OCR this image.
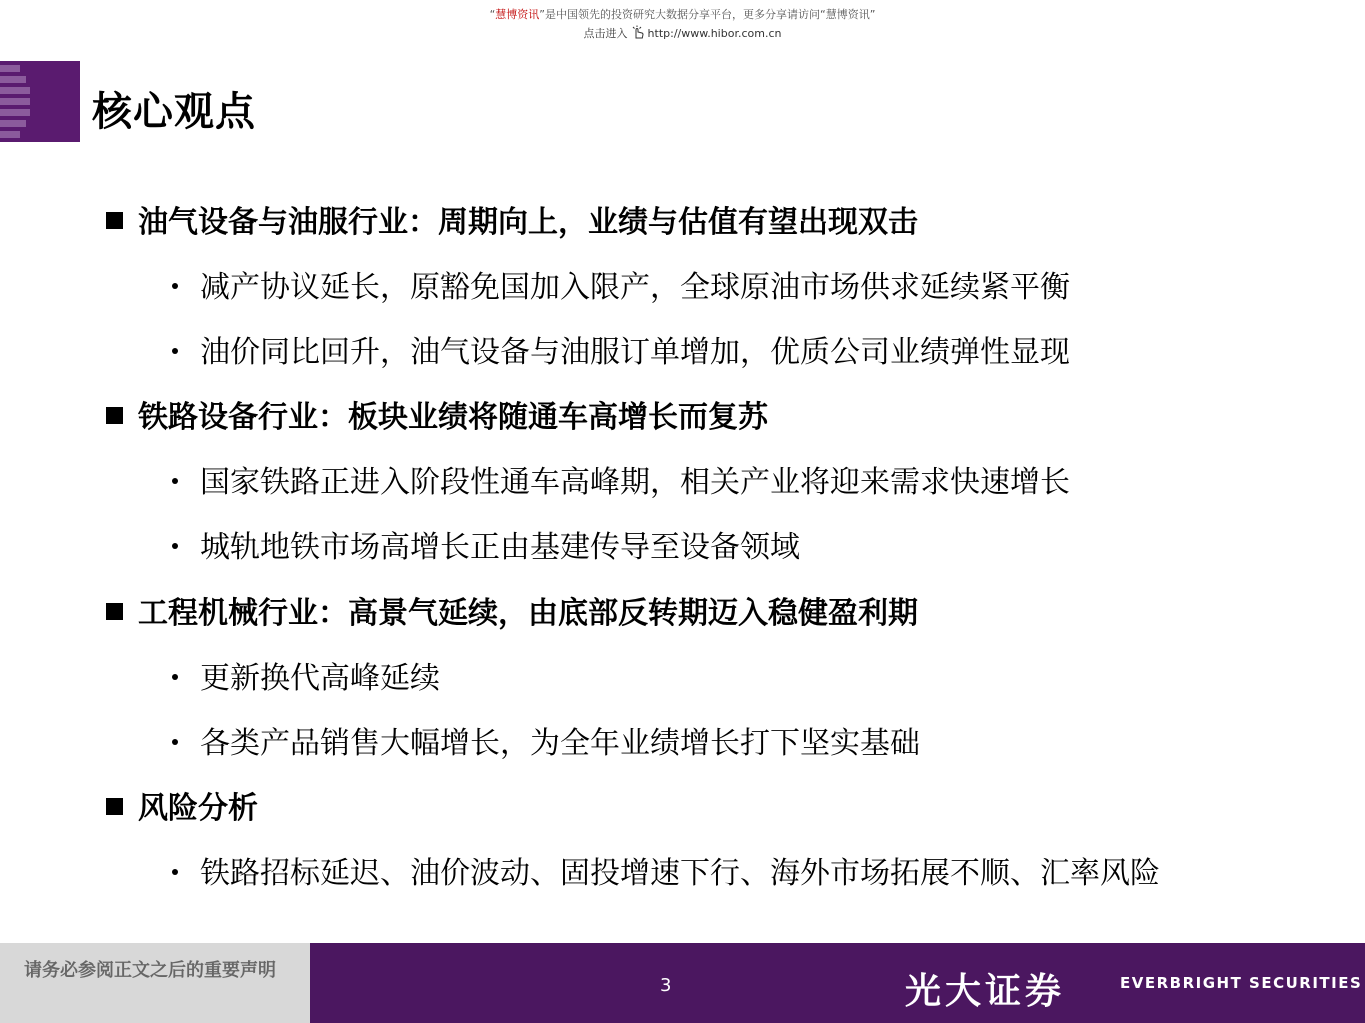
“慧博资讯”是中国领先的投资研究大数据分享平台，更多分享请访问“慧博资讯”
点击进入 http://www.hibor.com.cn
核心观点
油气设备与油服行业：周期向上，业绩与估值有望出现双击
减产协议延长，原豁免国加入限产，全球原油市场供求延续紧平衡
油价同比回升，油气设备与油服订单增加，优质公司业绩弹性显现
铁路设备行业：板块业绩将随通车高增长而复苏
国家铁路正进入阶段性通车高峰期，相关产业将迎来需求快速增长
城轨地铁市场高增长正由基建传导至设备领域
工程机械行业：高景气延续，由底部反转期迈入稳健盈利期
更新换代高峰延续
各类产品销售大幅增长，为全年业绩增长打下坚实基础
风险分析
铁路招标延迟、油价波动、固投增速下行、海外市场拓展不顺、汇率风险
请务必参阅正文之后的重要声明
3	光大证券	EVERBRIGHT SECURITIES
